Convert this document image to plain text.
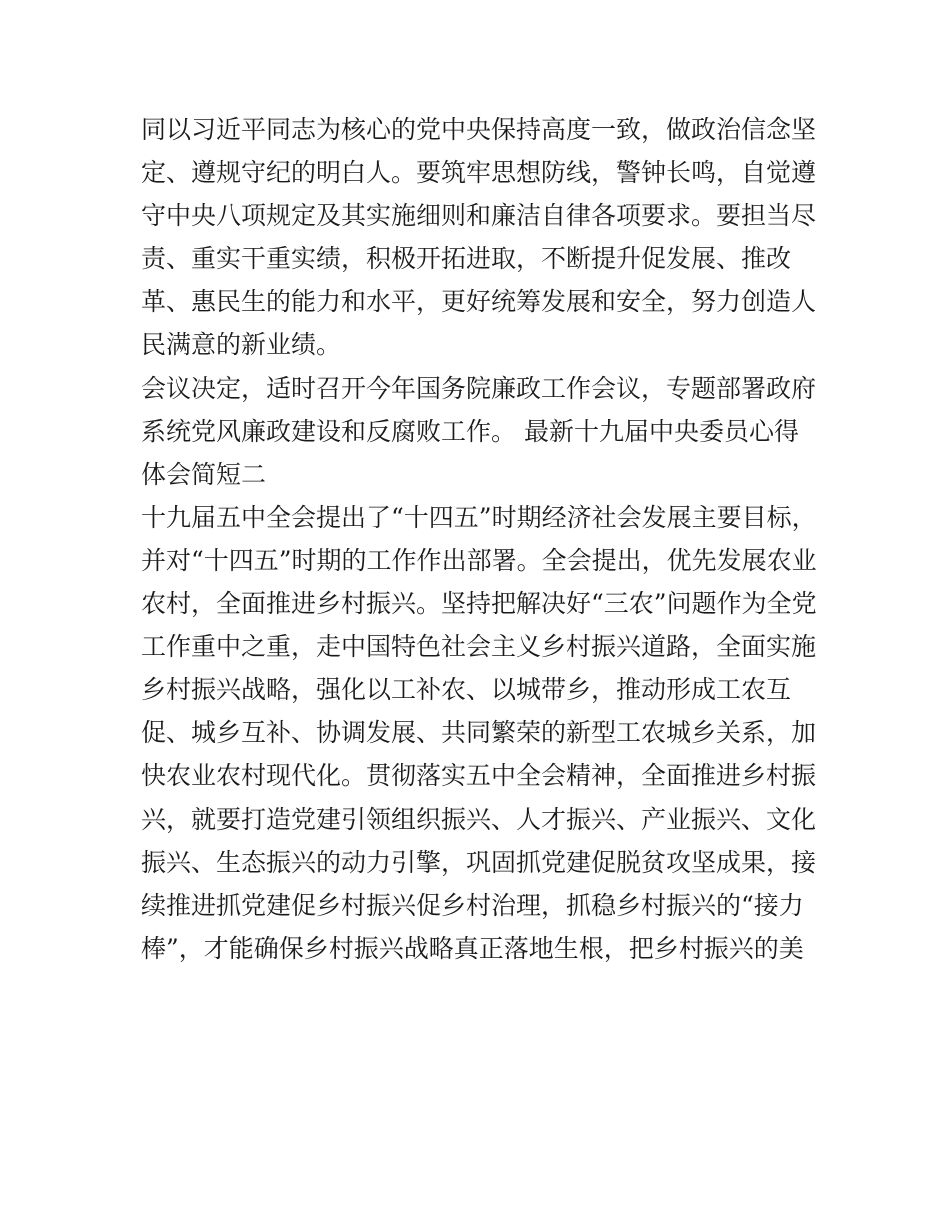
同以习近平同志为核心的党中央保持高度一致，做政治信念坚
定、遵规守纪的明白人。要筑牢思想防线，警钟长鸣，自觉遵
守中央八项规定及其实施细则和廉洁自律各项要求。要担当尽
责、重实干重实绩，积极开拓进取，不断提升促发展、推改
革、惠民生的能力和水平，更好统筹发展和安全，努力创造人
民满意的新业绩。
会议决定，适时召开今年国务院廉政工作会议，专题部署政府
系统党风廉政建设和反腐败工作。 最新十九届中央委员心得
体会简短二
十九届五中全会提出了“十四五”时期经济社会发展主要目标，
并对“十四五”时期的工作作出部署。全会提出，优先发展农业
农村，全面推进乡村振兴。坚持把解决好“三农”问题作为全党
工作重中之重，走中国特色社会主义乡村振兴道路，全面实施
乡村振兴战略，强化以工补农、以城带乡，推动形成工农互
促、城乡互补、协调发展、共同繁荣的新型工农城乡关系，加
快农业农村现代化。贯彻落实五中全会精神，全面推进乡村振
兴，就要打造党建引领组织振兴、人才振兴、产业振兴、文化
振兴、生态振兴的动力引擎，巩固抓党建促脱贫攻坚成果，接
续推进抓党建促乡村振兴促乡村治理，抓稳乡村振兴的“接力
棒”，才能确保乡村振兴战略真正落地生根，把乡村振兴的美
